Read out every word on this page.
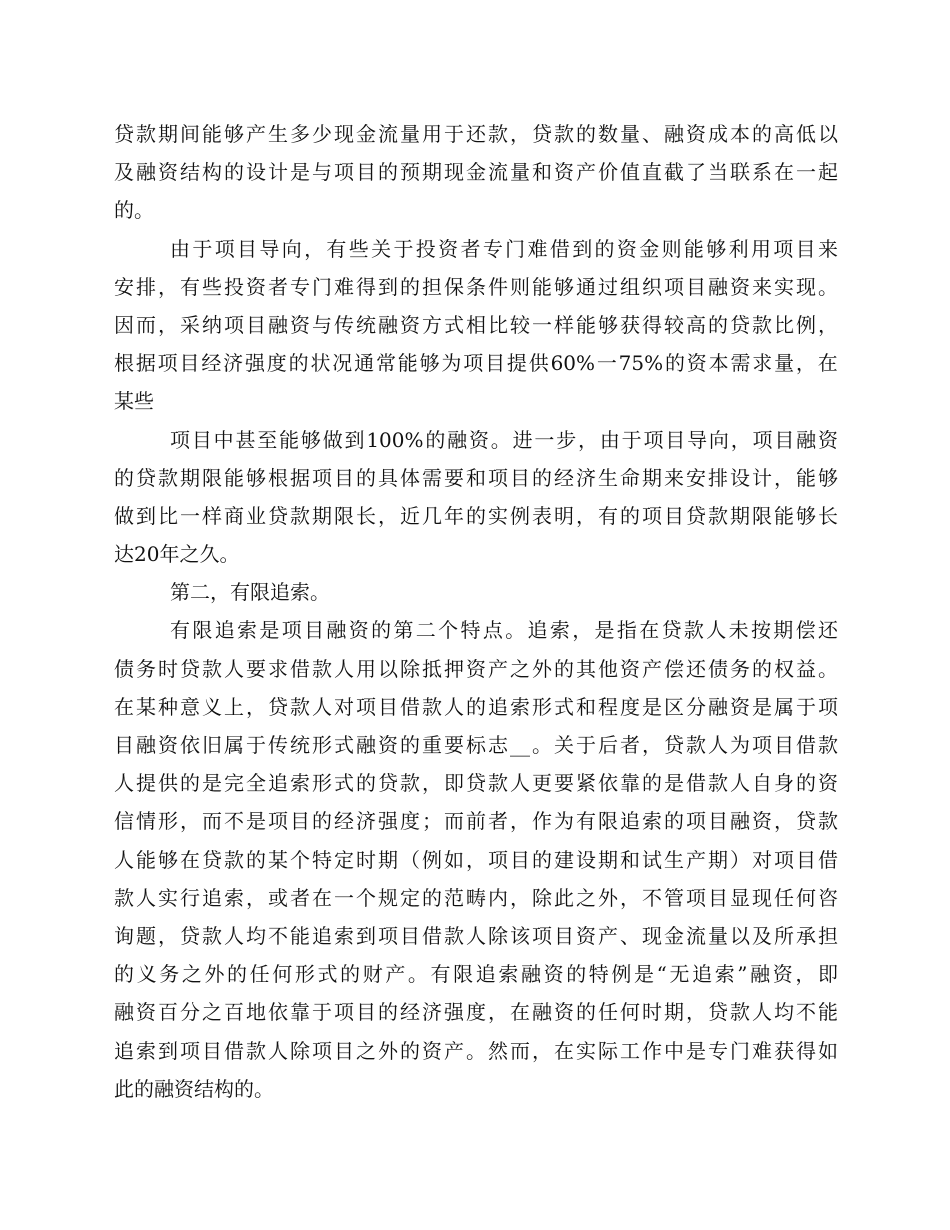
贷 款 期 间 能 够 产 生 多 少 现 金 流 量 用 于 还 款 ， 贷 款 的 数 量 、 融 资 成 本 的 高 低 以
及 融 资 结 构 的 设 计 是 与 项 目 的 预 期 现 金 流 量 和 资 产 价 值 直 截 了 当 联 系 在 一 起
的。
由 于 项 目 导 向 ， 有 些 关 于 投 资 者 专 门 难 借 到 的 资 金 则 能 够 利 用 项 目 来
安 排 ， 有 些 投 资 者 专 门 难 得 到 的 担 保 条 件 则 能 够 通 过 组 织 项 目 融 资 来 实 现 。
因 而 ， 采 纳 项 目 融 资 与 传 统 融 资 方 式 相 比 较 一 样 能 够 获 得 较 高 的 贷 款 比 例 ，
根 据 项 目 经 济 强 度 的 状 况 通 常 能 够 为 项 目 提 供 60% 一 75% 的 资 本 需 求 量 ， 在
某些
项 目 中 甚 至 能 够 做 到 100% 的 融 资 。 进 一 步 ， 由 于 项 目 导 向 ， 项 目 融 资
的 贷 款 期 限 能 够 根 据 项 目 的 具 体 需 要 和 项 目 的 经 济 生 命 期 来 安 排 设 计 ， 能 够
做 到 比 一 样 商 业 贷 款 期 限 长 ， 近 几 年 的 实 例 表 明 ， 有 的 项 目 贷 款 期 限 能 够 长
达20年之久。
第二，有限追索。
有 限 追 索 是 项 目 融 资 的 第 二 个 特 点 。 追 索 ， 是 指 在 贷 款 人 未 按 期 偿 还
债 务 时 贷 款 人 要 求 借 款 人 用 以 除 抵 押 资 产 之 外 的 其 他 资 产 偿 还 债 务 的 权 益 。
在 某 种 意 义 上 ， 贷 款 人 对 项 目 借 款 人 的 追 索 形 式 和 程 度 是 区 分 融 资 是 属 于 项
目 融 资 依 旧 属 于 传 统 形 式 融 资 的 重 要 标 志 __ 。 关 于 后 者 ， 贷 款 人 为 项 目 借 款
人 提 供 的 是 完 全 追 索 形 式 的 贷 款 ， 即 贷 款 人 更 要 紧 依 靠 的 是 借 款 人 自 身 的 资
信 情 形 ， 而 不 是 项 目 的 经 济 强 度 ； 而 前 者 ， 作 为 有 限 追 索 的 项 目 融 资 ， 贷 款
人 能 够 在 贷 款 的 某 个 特 定 时 期 （ 例 如 ， 项 目 的 建 设 期 和 试 生 产 期 ） 对 项 目 借
款 人 实 行 追 索 ， 或 者 在 一 个 规 定 的 范 畴 内 ， 除 此 之 外 ， 不 管 项 目 显 现 任 何 咨
询 题 ， 贷 款 人 均 不 能 追 索 到 项 目 借 款 人 除 该 项 目 资 产 、 现 金 流 量 以 及 所 承 担
的 义 务 之 外 的 任 何 形 式 的 财 产 。 有 限 追 索 融 资 的 特 例 是 “ 无 追 索 ” 融 资 ， 即
融 资 百 分 之 百 地 依 靠 于 项 目 的 经 济 强 度 ， 在 融 资 的 任 何 时 期 ， 贷 款 人 均 不 能
追 索 到 项 目 借 款 人 除 项 目 之 外 的 资 产 。 然 而 ， 在 实 际 工 作 中 是 专 门 难 获 得 如
此的融资结构的。
